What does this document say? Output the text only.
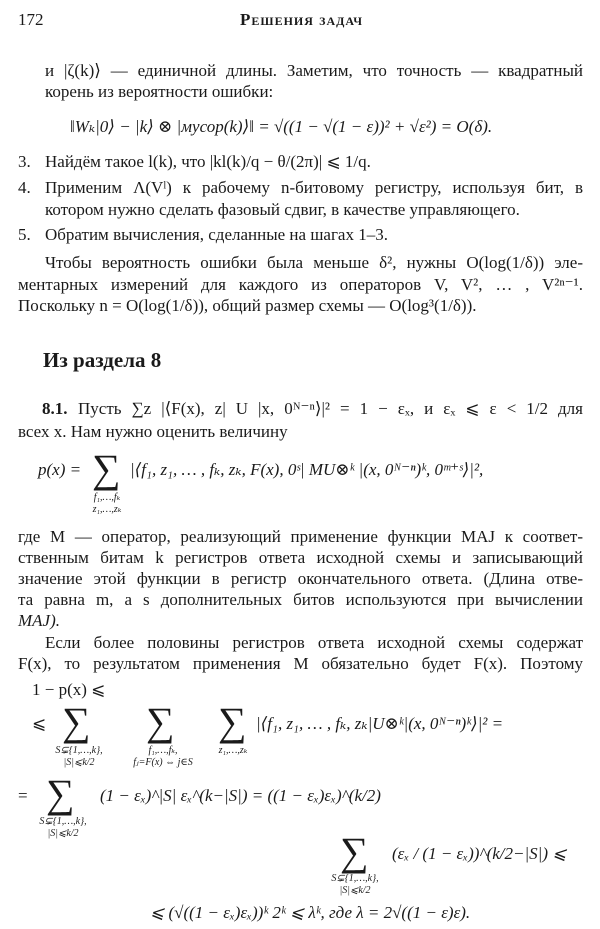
172	Решения задач
и |ζ(k)⟩ — единичной длины. Заметим, что точность — квадратный
корень из вероятности ошибки:
‖Wₖ|0⟩ − |k⟩ ⊗ |мусор(k)⟩‖ = √((1 − √(1 − ε))² + √ε²) = O(δ).
3. Найдём такое l(k), что |kl(k)/q − θ/(2π)| ⩽ 1/q.
4. Применим Λ(Vˡ) к рабочему n-битовому регистру, используя бит, в
котором нужно сделать фазовый сдвиг, в качестве управляющего.
5. Обратим вычисления, сделанные на шагах 1–3.
Чтобы вероятность ошибки была меньше δ², нужны O(log(1/δ)) эле-
ментарных измерений для каждого из операторов V, V², … , V²ⁿ⁻¹.
Поскольку n = O(log(1/δ)), общий размер схемы — O(log³(1/δ)).
Из раздела 8
8.1. Пусть ∑z |⟨F(x), z| U |x, 0ᴺ⁻ⁿ⟩|² = 1 − εₓ, и εₓ ⩽ ε < 1/2 для
всех x. Нам нужно оценить величину
p(x) = ∑
f₁,…,fₖ
z₁,…,zₖ
|⟨f₁, z₁, … , fₖ, zₖ, F(x), 0ˢ| MU⊗ᵏ |(x, 0ᴺ⁻ⁿ)ᵏ, 0ᵐ⁺ˢ⟩|²,
где M — оператор, реализующий применение функции MAJ к соответ-
ственным битам k регистров ответа исходной схемы и записывающий
значение этой функции в регистр окончательного ответа. (Длина отве-
та равна m, а s дополнительных битов используются при вычислении
MAJ).
Если более половины регистров ответа исходной схемы содержат
F(x), то результатом применения M обязательно будет F(x). Поэтому
1 − p(x) ⩽
⩽ ∑
S⊊{1,…,k},
|S|⩽k/2
∑
f₁,…,fₖ,
fⱼ=F(x) ⇔ j∈S
∑
z₁,…,zₖ
|⟨f₁, z₁, … , fₖ, zₖ|U⊗ᵏ|(x, 0ᴺ⁻ⁿ)ᵏ⟩|² =
= ∑
S⊊{1,…,k},
|S|⩽k/2
(1 − εₓ)^|S| εₓ^(k−|S|) = ((1 − εₓ)εₓ)^(k/2)
∑
S⊊{1,…,k},
|S|⩽k/2
(εₓ / (1 − εₓ))^(k/2−|S|) ⩽
⩽ (√((1 − εₓ)εₓ))ᵏ 2ᵏ ⩽ λᵏ, где λ = 2√((1 − ε)ε).
